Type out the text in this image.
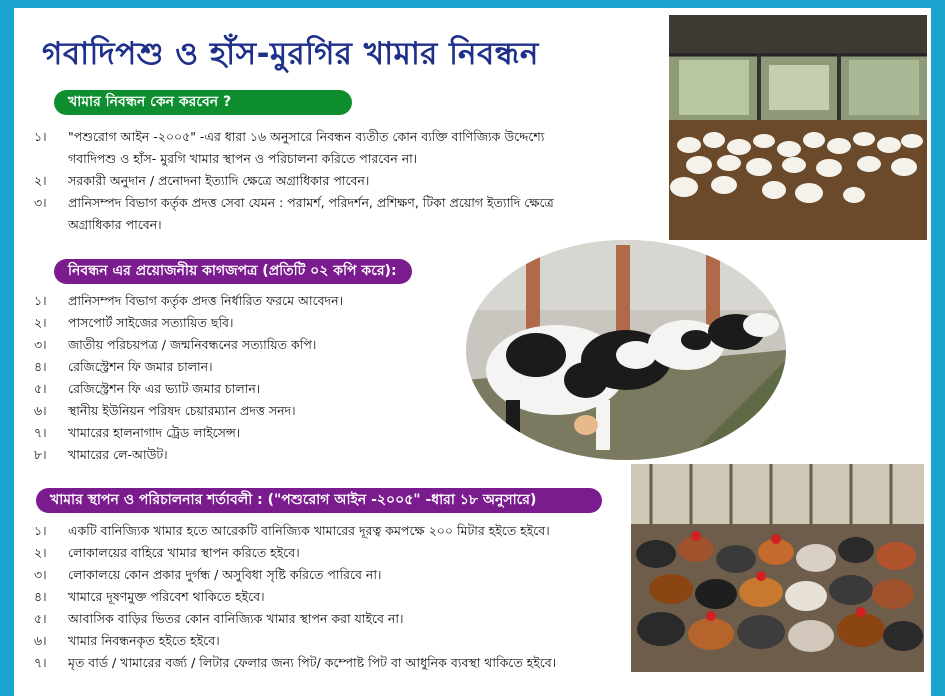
গবাদিপশু ও হাঁস-মুরগির খামার নিবন্ধন
খামার নিবন্ধন কেন করবেন ?
১।	"পশুরোগ আইন -২০০৫" -এর ধারা ১৬ অনুসারে নিবন্ধন ব্যতীত কোন ব্যক্তি বাণিজ্যিক উদ্দেশ্যে
গবাদিপশু ও হাঁস- মুরগি খামার স্থাপন ও পরিচালনা করিতে পারবেন না।
২।	সরকারী অনুদান / প্রনোদনা ইত্যাদি ক্ষেত্রে অগ্রাধিকার পাবেন।
৩।	প্রানিসম্পদ বিভাগ কর্তৃক প্রদত্ত সেবা যেমন : পরামর্শ, পরিদর্শন, প্রশিক্ষণ, টিকা প্রয়োগ ইত্যাদি ক্ষেত্রে
অগ্রাধিকার পাবেন।
নিবন্ধন এর প্রয়োজনীয় কাগজপত্র (প্রতিটি ০২ কপি করে):
১।	প্রানিসম্পদ বিভাগ কর্তৃক প্রদত্ত নির্ধারিত ফরমে আবেদন।
২।	পাসপোর্ট সাইজের সত্যায়িত ছবি।
৩।	জাতীয় পরিচয়পত্র / জন্মনিবন্ধনের সত্যায়িত কপি।
৪।	রেজিস্ট্রেশন ফি জমার চালান।
৫।	রেজিস্ট্রেশন ফি এর ভ্যাট জমার চালান।
৬।	স্থানীয় ইউনিয়ন পরিষদ চেয়ারম্যান প্রদত্ত সনদ।
৭।	খামারের হালনাগাদ ট্রেড লাইসেন্স।
৮।	খামারের লে-আউট।
খামার স্থাপন ও পরিচালনার শর্তাবলী : ("পশুরোগ আইন -২০০৫" -ধারা ১৮ অনুসারে)
১।	একটি বানিজ্যিক খামার হতে আরেকটি বানিজ্যিক খামারের দূরত্ব কমপক্ষে ২০০ মিটার হইতে হইবে।
২।	লোকালয়ের বাহিরে খামার স্থাপন করিতে হইবে।
৩।	লোকালয়ে কোন প্রকার দুর্গন্ধ / অসুবিধা সৃষ্টি করিতে পারিবে না।
৪।	খামারে দূষণমুক্ত পরিবেশ থাকিতে হইবে।
৫।	আবাসিক বাড়ির ভিতর কোন বানিজ্যিক খামার স্থাপন করা যাইবে না।
৬।	খামার নিবন্ধনকৃত হইতে হইবে।
৭।	মৃত বার্ড / খামারের বর্জ্য / লিটার ফেলার জন্য পিট/ কম্পোষ্ট পিট বা আধুনিক ব্যবস্থা থাকিতে হইবে।
